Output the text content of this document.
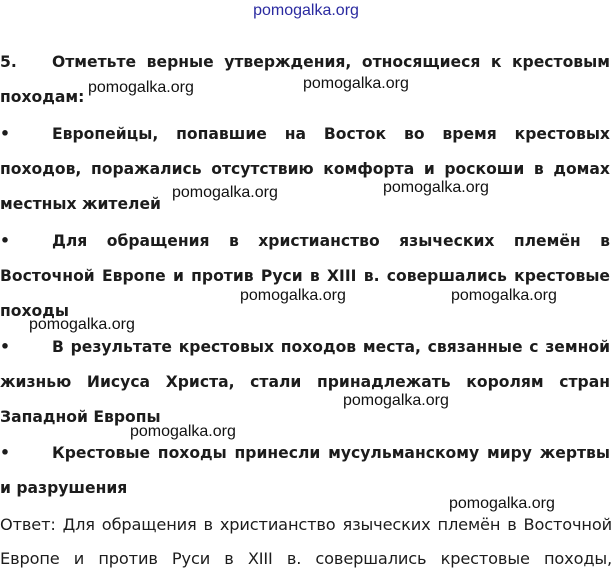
pomogalka.org
5. Отметьте верные утверждения, относящиеся к крестовым походам:
•	Европейцы, попавшие на Восток во время крестовых походов, поражались отсутствию комфорта и роскоши в домах местных жителей
•	Для обращения в христианство языческих племён в Восточной Европе и против Руси в XIII в. совершались крестовые походы
•	В результате крестовых походов места, связанные с земной жизнью Иисуса Христа, стали принадлежать королям стран Западной Европы
•	Крестовые походы принесли мусульманскому миру жертвы и разрушения
Ответ: Для обращения в христианство языческих племён в Восточной Европе и против Руси в XIII в. совершались крестовые походы,
pomogalka.org	pomogalka.org
pomogalka.org	pomogalka.org
pomogalka.org	pomogalka.org
pomogalka.org
pomogalka.org
pomogalka.org
pomogalka.org
